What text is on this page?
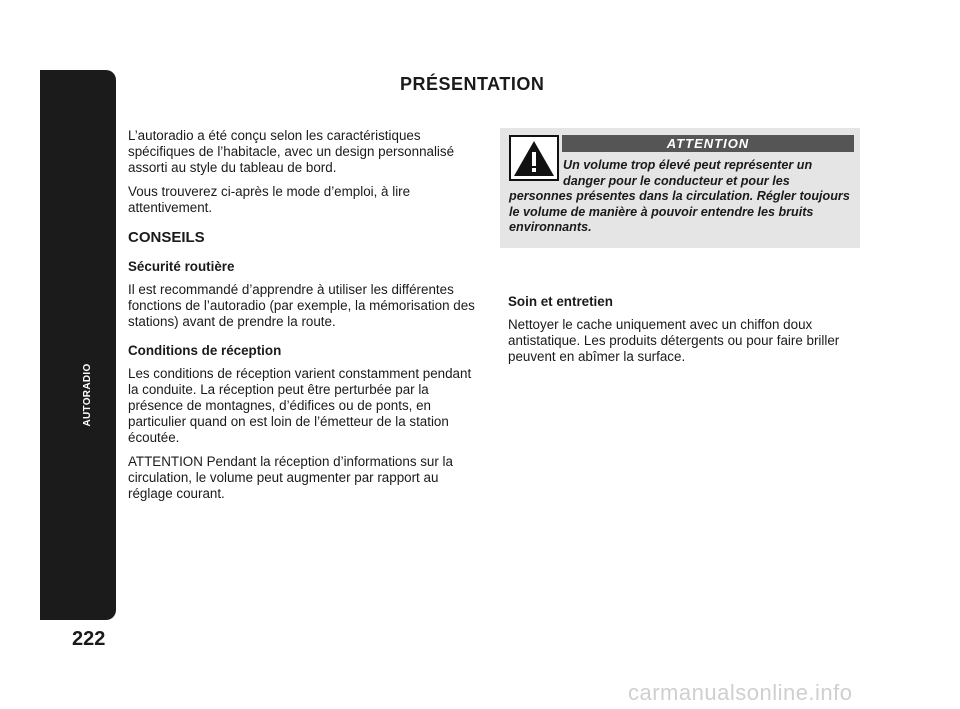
AUTORADIO
222
PRÉSENTATION

L’autoradio a été conçu selon les caractéristiques spécifiques de l’habitacle, avec un design personnalisé assorti au style du tableau de bord.

Vous trouverez ci-après le mode d’emploi, à lire attentivement.

CONSEILS
Sécurité routière

Il est recommandé d’apprendre à utiliser les différentes fonctions de l’autoradio (par exemple, la mémorisation des stations) avant de prendre la route.

Conditions de réception

Les conditions de réception varient constamment pendant la conduite. La réception peut être perturbée par la présence de montagnes, d’édifices ou de ponts, en particulier quand on est loin de l’émetteur de la station écoutée.

ATTENTION Pendant la réception d’informations sur la circulation, le volume peut augmenter par rapport au réglage courant.

ATTENTION
Un volume trop élevé peut représenter un danger pour le conducteur et pour les
personnes présentes dans la circulation. Régler toujours le volume de manière à pouvoir entendre les bruits environnants.
Soin et entretien

Nettoyer le cache uniquement avec un chiffon doux antistatique. Les produits détergents ou pour faire briller peuvent en abîmer la surface.

carmanualsonline.info
